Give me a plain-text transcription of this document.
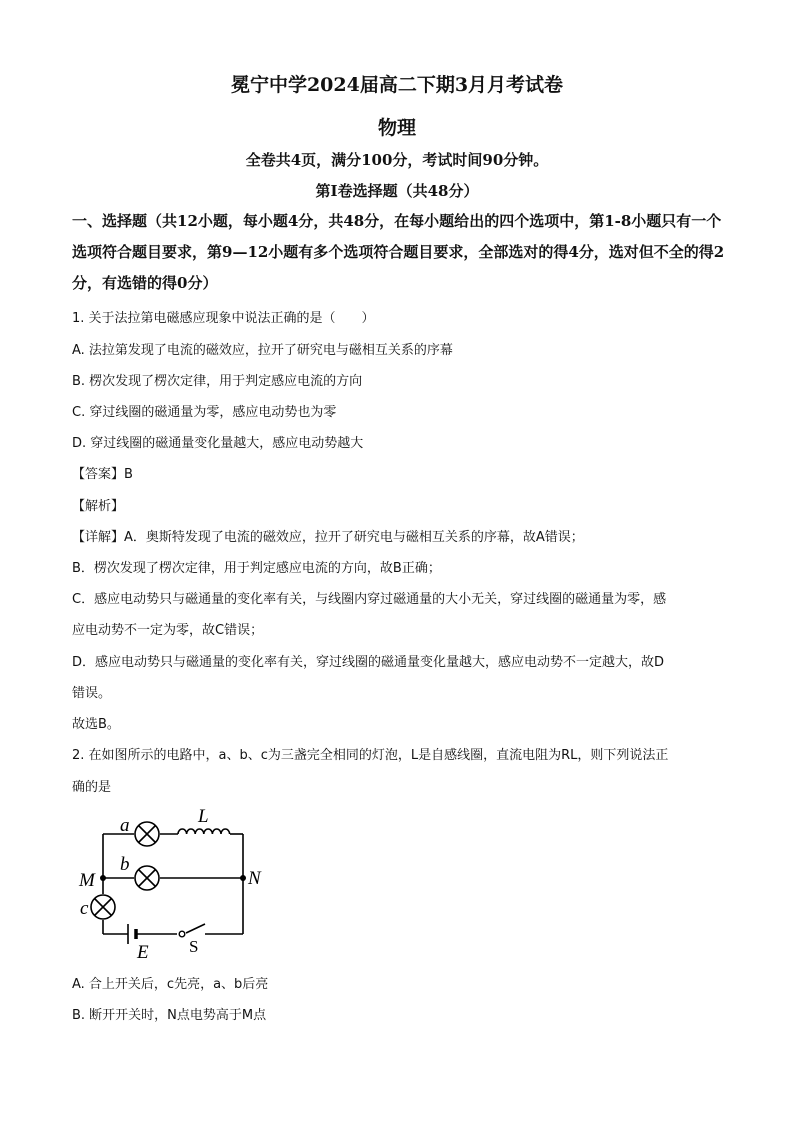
冕宁中学2024届高二下期3月月考试卷
物理
全卷共4页，满分100分，考试时间90分钟。
第I卷选择题（共48分）
一、选择题（共12小题，每小题4分，共48分，在每小题给出的四个选项中，第1-8小题只有一个选项符合题目要求，第9—12小题有多个选项符合题目要求，全部选对的得4分，选对但不全的得2分，有选错的得0分）
1. 关于法拉第电磁感应现象中说法正确的是（　　）
A. 法拉第发现了电流的磁效应，拉开了研究电与磁相互关系的序幕
B. 楞次发现了楞次定律，用于判定感应电流的方向
C. 穿过线圈的磁通量为零，感应电动势也为零
D. 穿过线圈的磁通量变化量越大，感应电动势越大
【答案】B
【解析】
【详解】A．奥斯特发现了电流的磁效应，拉开了研究电与磁相互关系的序幕，故A错误；
B．楞次发现了楞次定律，用于判定感应电流的方向，故B正确；
C．感应电动势只与磁通量的变化率有关，与线圈内穿过磁通量的大小无关，穿过线圈的磁通量为零，感
应电动势不一定为零，故C错误；
D．感应电动势只与磁通量的变化率有关，穿过线圈的磁通量变化量越大，感应电动势不一定越大，故D
错误。
故选B。
2. 在如图所示的电路中，a、b、c为三盏完全相同的灯泡，L是自感线圈，直流电阻为RL，则下列说法正
确的是
a	L
b
M	N
c
E S
A. 合上开关后，c先亮，a、b后亮
B. 断开开关时，N点电势高于M点
